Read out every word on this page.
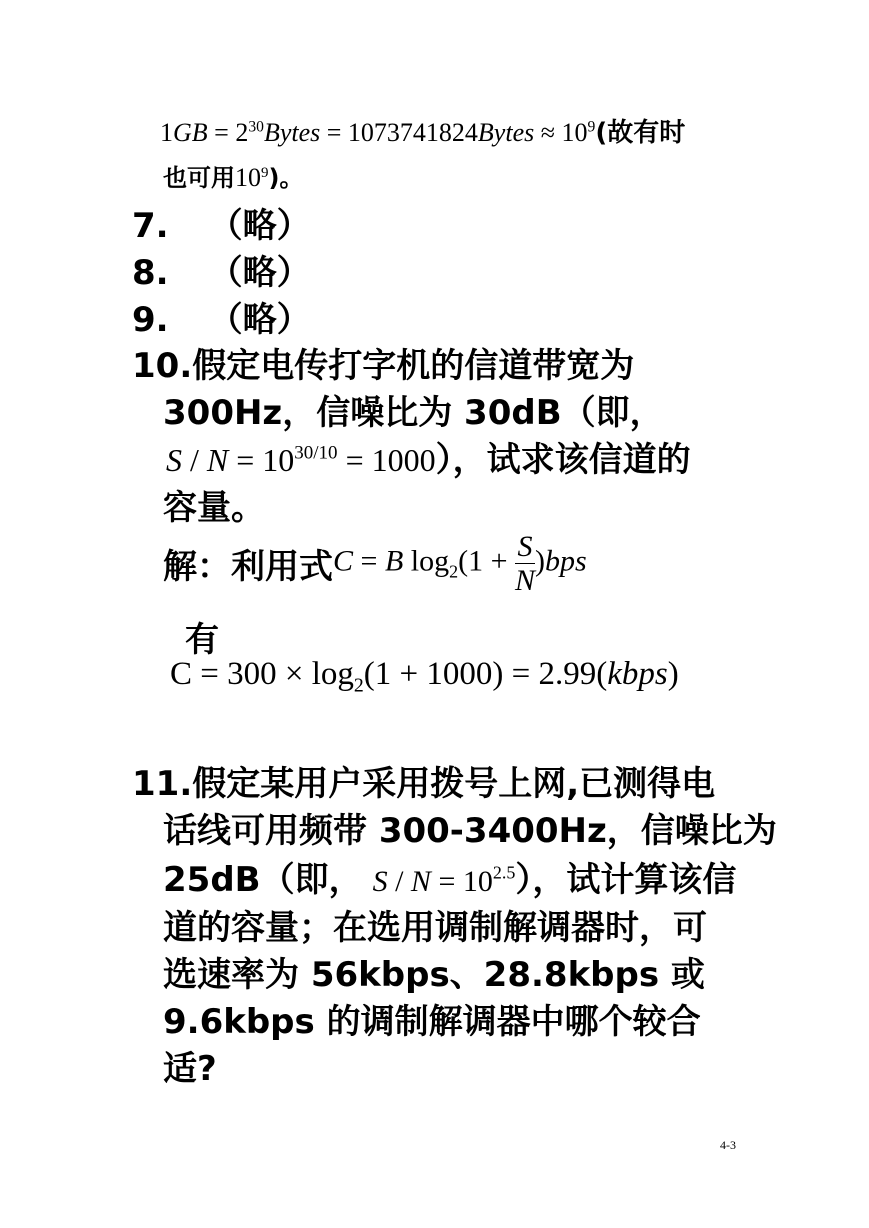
$1GB = 2^{30}Bytes$ = 1073741824Bytes ≈ $10^9$(故有时
也可用$10^9$)。
7. （略）
8. （略）
9. （略）
10.假定电传打字机的信道带宽为
300Hz，信噪比为 30dB（即，
$S / N = 10^{30/10} = 1000$），试求该信道的
容量。
解：利用式C = B $\log_2(1 + \frac{S}{N} )bps$
有
$C = 300 \times \log_2(1 + 1000)$ = 2.99(kbps)
11.假定某用户采用拨号上网,已测得电
话线可用频带 300-3400Hz，信噪比为
25dB（即， $S / N = 10^{2.5}$），试计算该信
道的容量；在选用调制解调器时，可
选速率为 56kbps、28.8kbps 或
9.6kbps 的调制解调器中哪个较合
适?
4-3
